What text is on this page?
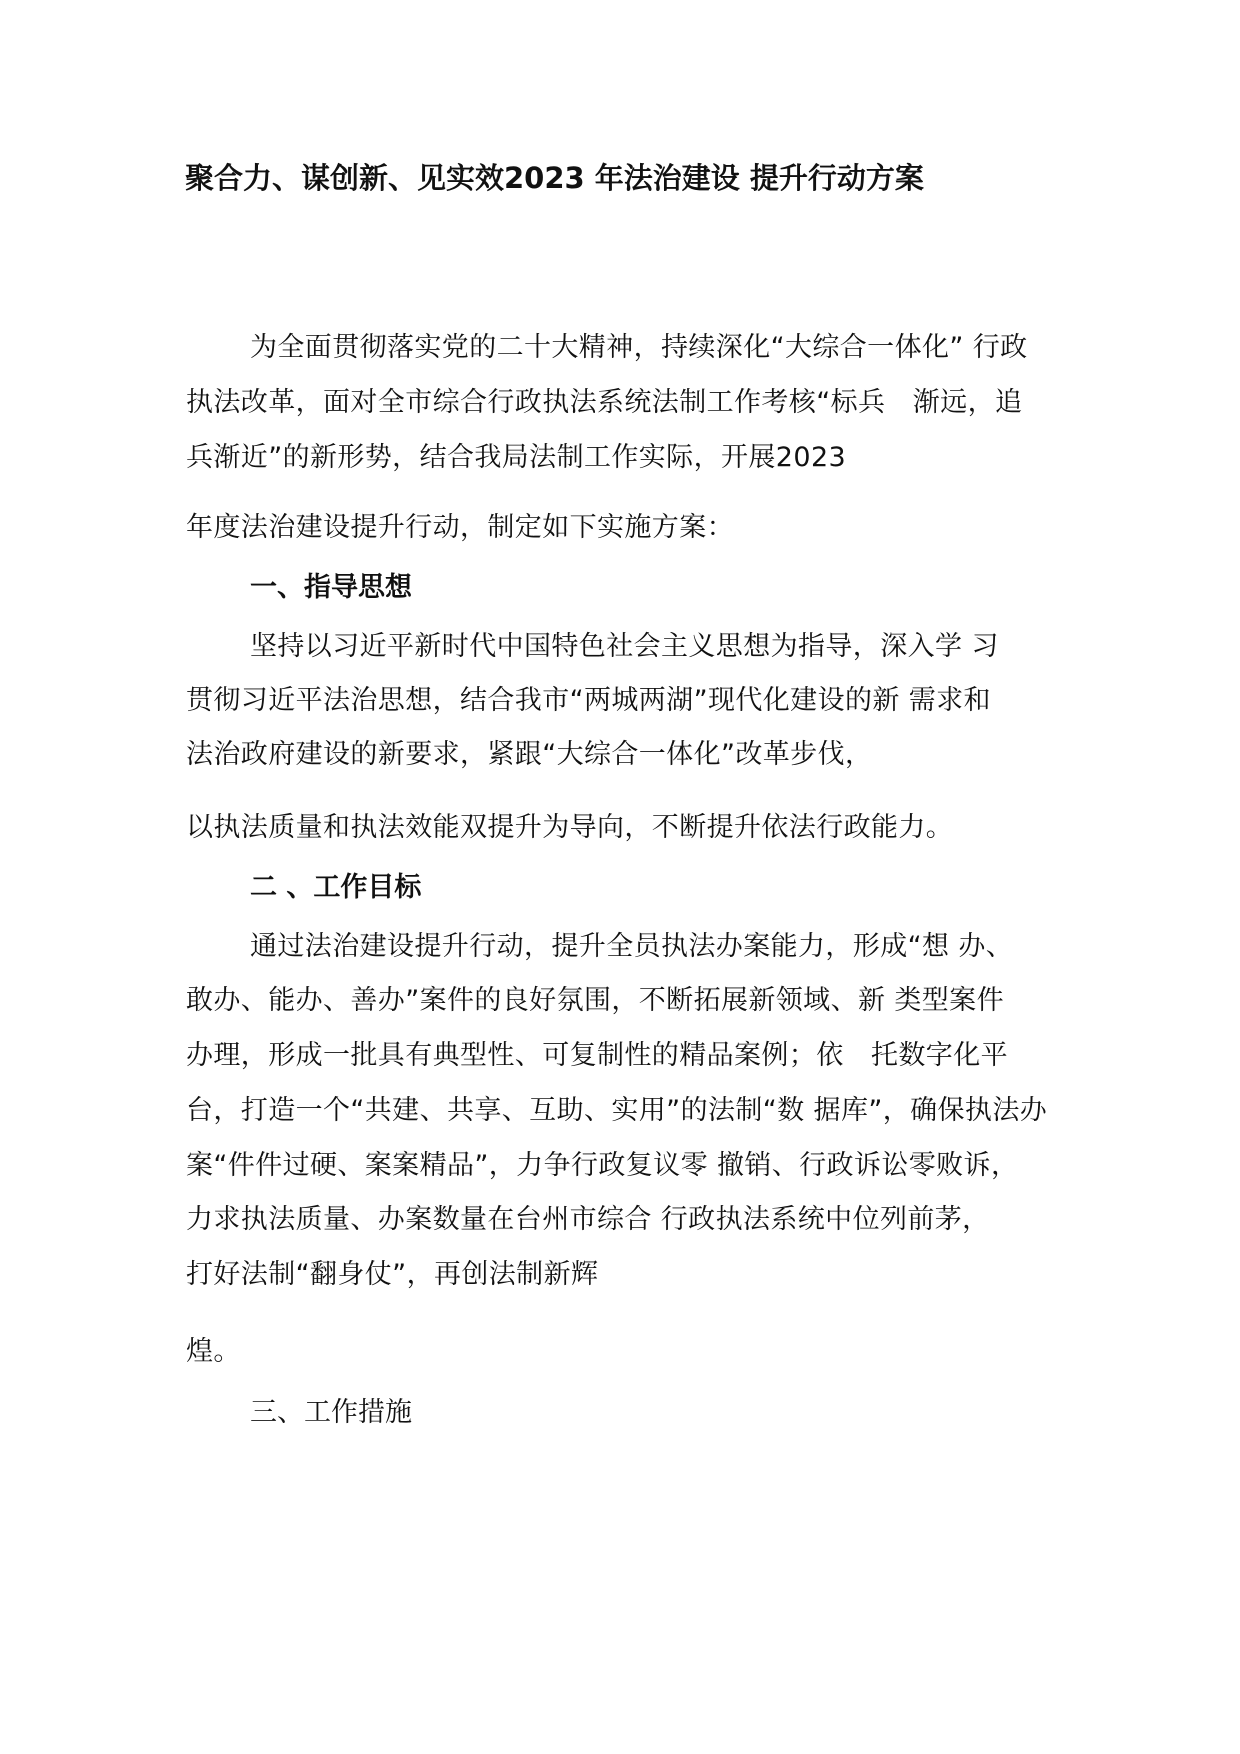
聚合力、谋创新、见实效2023 年法治建设 提升行动方案
为全面贯彻落实党的二十大精神，持续深化“大综合一体化” 行政
执法改革，面对全市综合行政执法系统法制工作考核“标兵　渐远，追
兵渐近”的新形势，结合我局法制工作实际，开展2023
年度法治建设提升行动，制定如下实施方案：
一、指导思想
坚持以习近平新时代中国特色社会主义思想为指导，深入学 习
贯彻习近平法治思想，结合我市“两城两湖”现代化建设的新 需求和
法治政府建设的新要求，紧跟“大综合一体化”改革步伐，
以执法质量和执法效能双提升为导向，不断提升依法行政能力。
二 、工作目标
通过法治建设提升行动，提升全员执法办案能力，形成“想 办、
敢办、能办、善办”案件的良好氛围，不断拓展新领域、新 类型案件
办理，形成一批具有典型性、可复制性的精品案例；依　托数字化平
台，打造一个“共建、共享、互助、实用”的法制“数 据库”，确保执法办
案“件件过硬、案案精品”，力争行政复议零 撤销、行政诉讼零败诉，
力求执法质量、办案数量在台州市综合 行政执法系统中位列前茅，
打好法制“翻身仗”，再创法制新辉
煌。
三、工作措施
